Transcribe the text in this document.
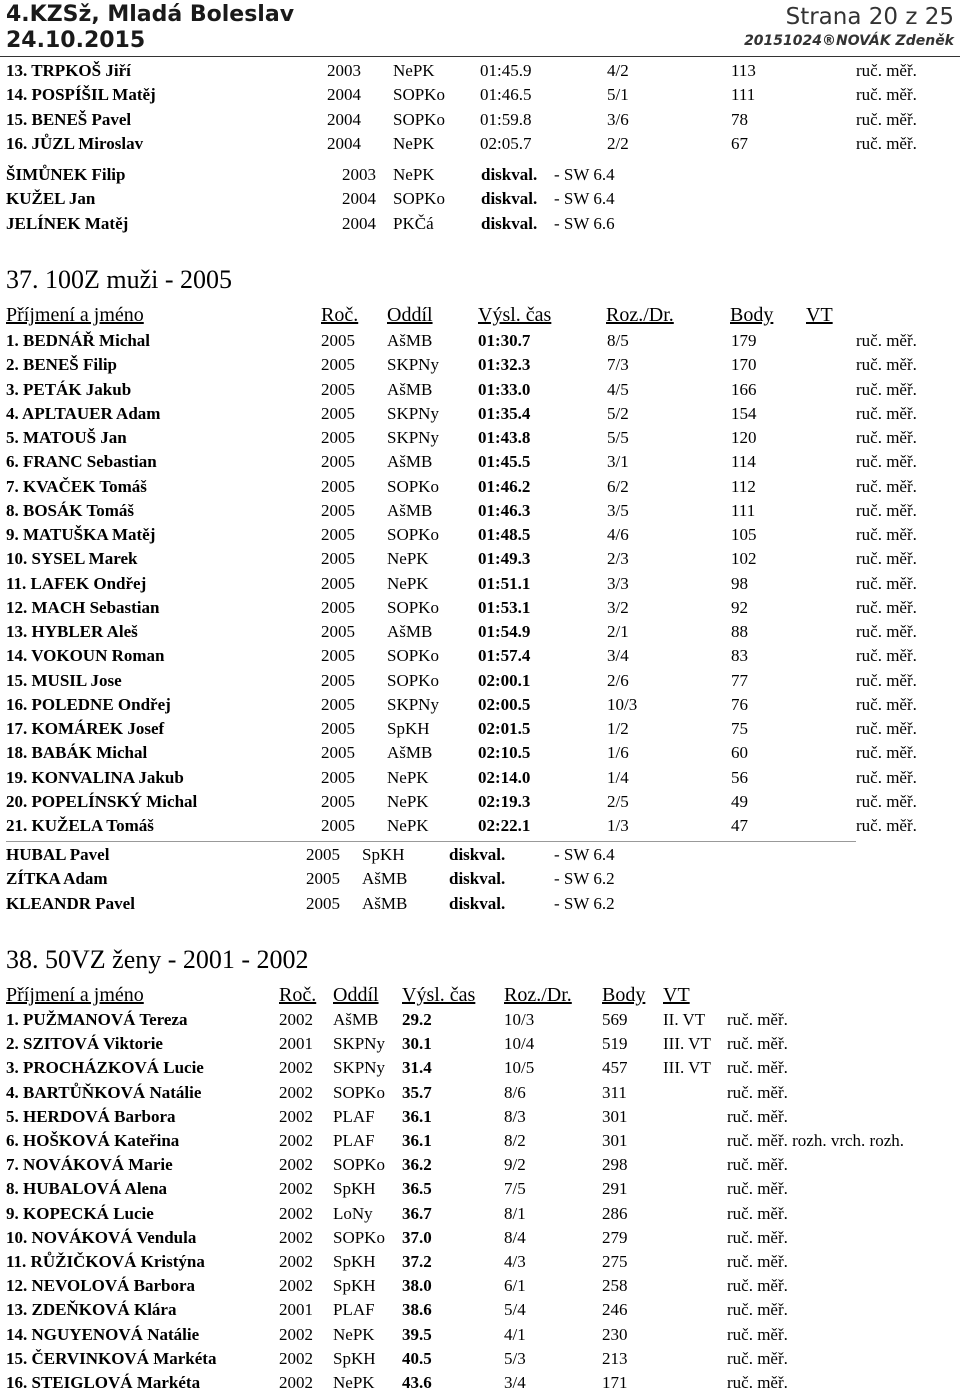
4.KZSž, Mladá Boleslav
24.10.2015
Strana 20 z 25
20151024®NOVÁK Zdeněk
13. TRPKOŠ Jiří	2003 NePK	01:45.9	4/2	113	ruč. měř.
14. POSPÍŠIL Matěj	2004 SOPKo 01:46.5	5/1	111	ruč. měř.
15. BENEŠ Pavel	2004 SOPKo 01:59.8	3/6	78	ruč. měř.
16. JŮZL Miroslav	2004 NePK	02:05.7	2/2	67	ruč. měř.
ŠIMŮNEK Filip	2003 NePK	diskval. - SW 6.4
KUŽEL Jan	2004 SOPKo diskval. - SW 6.4
JELÍNEK Matěj	2004 PKČá	diskval. - SW 6.6
37. 100Z muži - 2005
Příjmení a jméno	Roč. Oddíl Výsl. čas	Roz./Dr.	Body VT
1. BEDNÁŘ Michal	2005 AšMB	01:30.7	8/5	179	ruč. měř.
2. BENEŠ Filip	2005 SKPNy 01:32.3	7/3	170	ruč. měř.
3. PETÁK Jakub	2005 AšMB	01:33.0	4/5	166	ruč. měř.
4. APLTAUER Adam	2005 SKPNy 01:35.4	5/2	154	ruč. měř.
5. MATOUŠ Jan	2005 SKPNy 01:43.8	5/5	120	ruč. měř.
6. FRANC Sebastian	2005 AšMB	01:45.5	3/1	114	ruč. měř.
7. KVAČEK Tomáš	2005 SOPKo 01:46.2	6/2	112	ruč. měř.
8. BOSÁK Tomáš	2005 AšMB	01:46.3	3/5	111	ruč. měř.
9. MATUŠKA Matěj	2005 SOPKo 01:48.5	4/6	105	ruč. měř.
10. SYSEL Marek	2005 NePK	01:49.3	2/3	102	ruč. měř.
11. LAFEK Ondřej	2005 NePK	01:51.1	3/3	98	ruč. měř.
12. MACH Sebastian	2005 SOPKo 01:53.1	3/2	92	ruč. měř.
13. HYBLER Aleš	2005 AšMB	01:54.9	2/1	88	ruč. měř.
14. VOKOUN Roman	2005 SOPKo 01:57.4	3/4	83	ruč. měř.
15. MUSIL Jose	2005 SOPKo 02:00.1	2/6	77	ruč. měř.
16. POLEDNE Ondřej	2005 SKPNy 02:00.5	10/3	76	ruč. měř.
17. KOMÁREK Josef	2005 SpKH	02:01.5	1/2	75	ruč. měř.
18. BABÁK Michal	2005 AšMB	02:10.5	1/6	60	ruč. měř.
19. KONVALINA Jakub	2005 NePK	02:14.0	1/4	56	ruč. měř.
20. POPELÍNSKÝ Michal	2005 NePK	02:19.3	2/5	49	ruč. měř.
21. KUŽELA Tomáš	2005 NePK	02:22.1	1/3	47	ruč. měř.
HUBAL Pavel	2005 SpKH	diskval.	- SW 6.4
ZÍTKA Adam	2005 AšMB diskval.	- SW 6.2
KLEANDR Pavel	2005 AšMB diskval.	- SW 6.2
38. 50VZ ženy - 2001 - 2002
Příjmení a jméno	Roč. Oddíl Výsl. čas Roz./Dr. Body VT
1. PUŽMANOVÁ Tereza	2002 AšMB 29.2	10/3	569 II. VT ruč. měř.
2. SZITOVÁ Viktorie	2001 SKPNy 30.1	10/4	519 III. VT ruč. měř.
3. PROCHÁZKOVÁ Lucie	2002 SKPNy 31.4	10/5	457 III. VT ruč. měř.
4. BARTŮŇKOVÁ Natálie	2002 SOPKo 35.7	8/6	311	ruč. měř.
5. HERDOVÁ Barbora	2002 PLAF 36.1	8/3	301	ruč. měř.
6. HOŠKOVÁ Kateřina	2002 PLAF 36.1	8/2	301	ruč. měř. rozh. vrch. rozh.
7. NOVÁKOVÁ Marie	2002 SOPKo 36.2	9/2	298	ruč. měř.
8. HUBALOVÁ Alena	2002 SpKH 36.5	7/5	291	ruč. měř.
9. KOPECKÁ Lucie	2002 LoNy 36.7	8/1	286	ruč. měř.
10. NOVÁKOVÁ Vendula	2002 SOPKo 37.0	8/4	279	ruč. měř.
11. RŮŽIČKOVÁ Kristýna	2002 SpKH 37.2	4/3	275	ruč. měř.
12. NEVOLOVÁ Barbora	2002 SpKH 38.0	6/1	258	ruč. měř.
13. ZDEŇKOVÁ Klára	2001 PLAF 38.6	5/4	246	ruč. měř.
14. NGUYENOVÁ Natálie	2002 NePK 39.5	4/1	230	ruč. měř.
15. ČERVINKOVÁ Markéta	2002 SpKH 40.5	5/3	213	ruč. měř.
16. STEIGLOVÁ Markéta	2002 NePK 43.6	3/4	171	ruč. měř.
